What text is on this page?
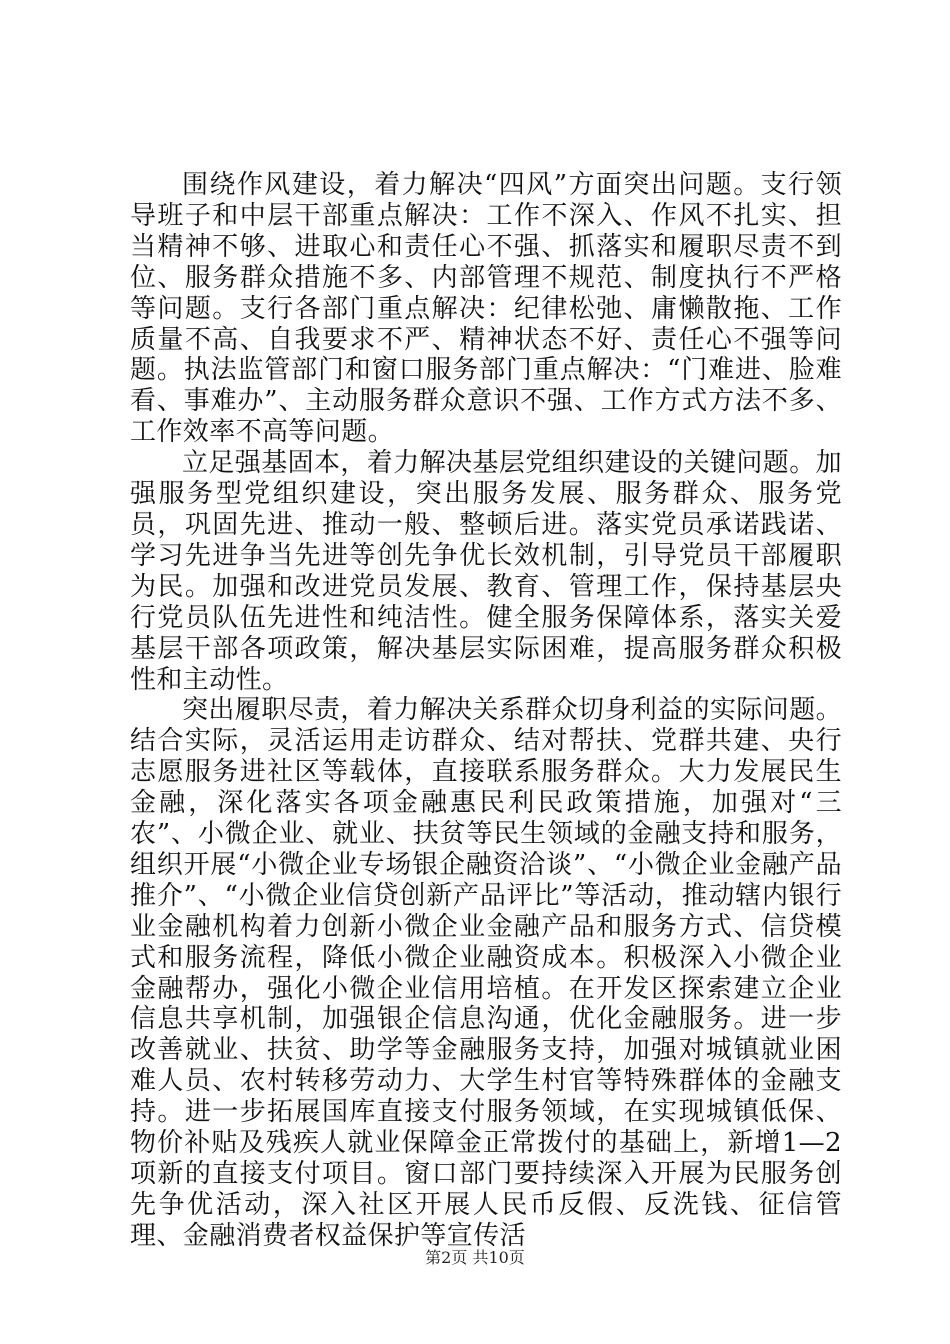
围绕作风建设，着力解决“四风”方面突出问题。支行领导班子和中层干部重点解决：工作不深入、作风不扎实、担当精神不够、进取心和责任心不强、抓落实和履职尽责不到位、服务群众措施不多、内部管理不规范、制度执行不严格等问题。支行各部门重点解决：纪律松弛、庸懒散拖、工作质量不高、自我要求不严、精神状态不好、责任心不强等问题。执法监管部门和窗口服务部门重点解决：“门难进、脸难看、事难办”、主动服务群众意识不强、工作方式方法不多、工作效率不高等问题。

立足强基固本，着力解决基层党组织建设的关键问题。加强服务型党组织建设，突出服务发展、服务群众、服务党员，巩固先进、推动一般、整顿后进。落实党员承诺践诺、学习先进争当先进等创先争优长效机制，引导党员干部履职为民。加强和改进党员发展、教育、管理工作，保持基层央行党员队伍先进性和纯洁性。健全服务保障体系，落实关爱基层干部各项政策，解决基层实际困难，提高服务群众积极性和主动性。

突出履职尽责，着力解决关系群众切身利益的实际问题。结合实际，灵活运用走访群众、结对帮扶、党群共建、央行志愿服务进社区等载体，直接联系服务群众。大力发展民生金融，深化落实各项金融惠民利民政策措施，加强对“三农”、小微企业、就业、扶贫等民生领域的金融支持和服务，组织开展“小微企业专场银企融资洽谈”、“小微企业金融产品推介”、“小微企业信贷创新产品评比”等活动，推动辖内银行业金融机构着力创新小微企业金融产品和服务方式、信贷模式和服务流程，降低小微企业融资成本。积极深入小微企业金融帮办，强化小微企业信用培植。在开发区探索建立企业信息共享机制，加强银企信息沟通，优化金融服务。进一步改善就业、扶贫、助学等金融服务支持，加强对城镇就业困难人员、农村转移劳动力、大学生村官等特殊群体的金融支持。进一步拓展国库直接支付服务领域，在实现城镇低保、物价补贴及残疾人就业保障金正常拨付的基础上，新增1—2项新的直接支付项目。窗口部门要持续深入开展为民服务创先争优活动，深入社区开展人民币反假、反洗钱、征信管理、金融消费者权益保护等宣传活

第2页 共10页
